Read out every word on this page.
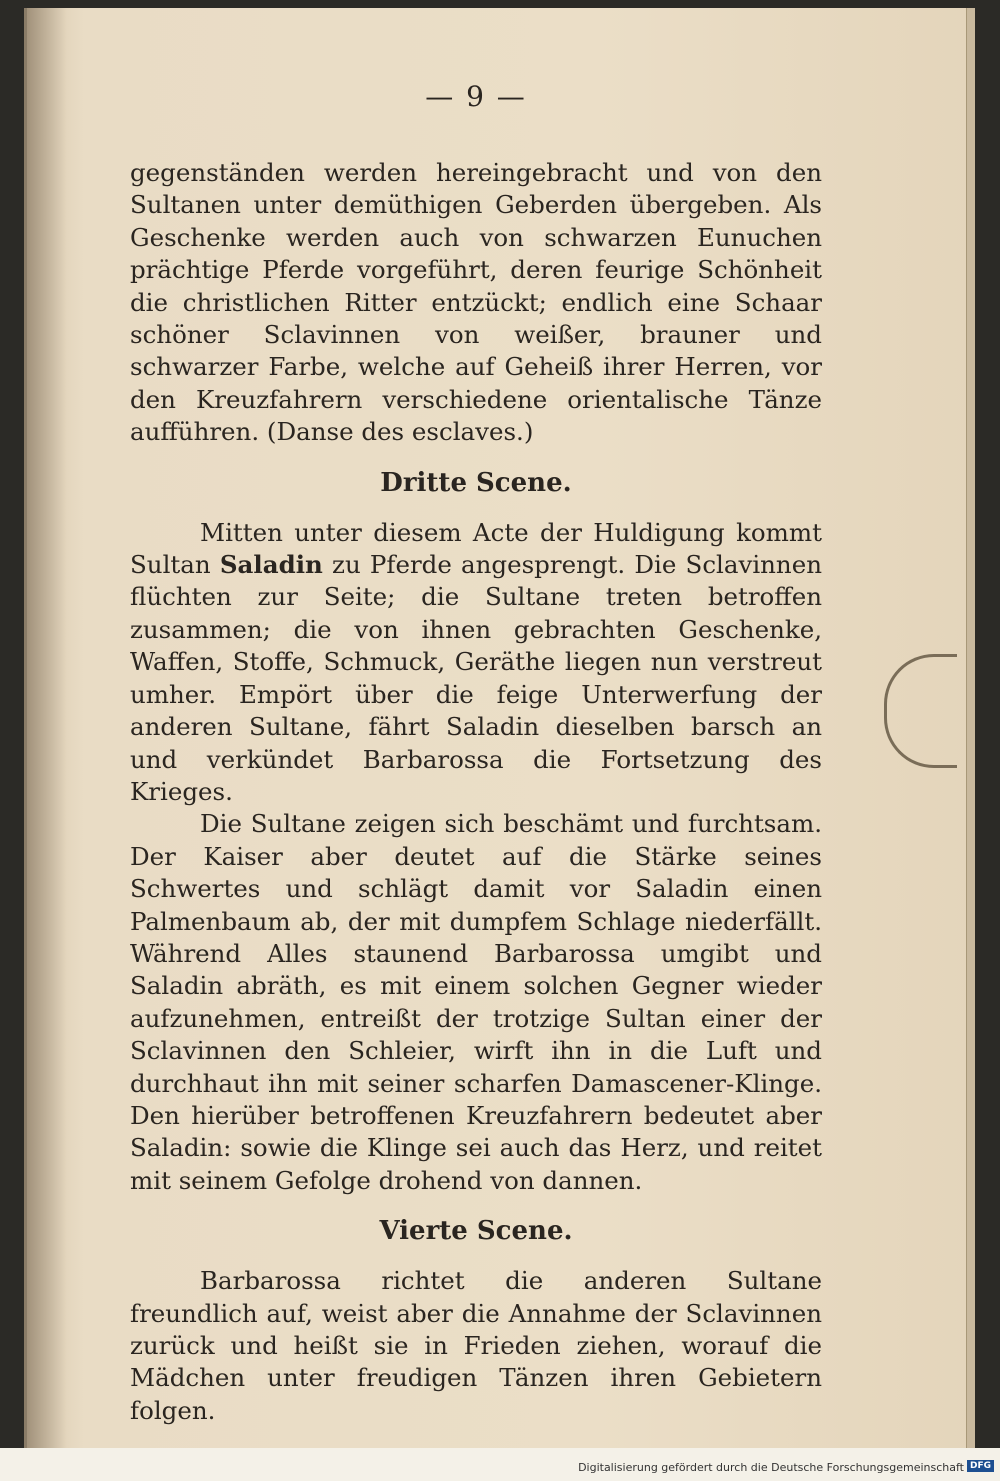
— 9 —

gegenständen werden hereingebracht und von den Sultanen unter demüthigen Geberden übergeben. Als Geschenke werden auch von schwarzen Eunuchen prächtige Pferde vorgeführt, deren feurige Schönheit die christlichen Ritter entzückt; endlich eine Schaar schöner Sclavinnen von weißer, brauner und schwarzer Farbe, welche auf Geheiß ihrer Herren, vor den Kreuzfahrern verschiedene orientalische Tänze aufführen. (Danse des esclaves.)

Dritte Scene.

Mitten unter diesem Acte der Huldigung kommt Sultan Saladin zu Pferde angesprengt. Die Sclavinnen flüchten zur Seite; die Sultane treten betroffen zusammen; die von ihnen gebrachten Geschenke, Waffen, Stoffe, Schmuck, Geräthe liegen nun verstreut umher. Empört über die feige Unterwerfung der anderen Sultane, fährt Saladin dieselben barsch an und verkündet Barbarossa die Fortsetzung des Krieges.

Die Sultane zeigen sich beschämt und furchtsam. Der Kaiser aber deutet auf die Stärke seines Schwertes und schlägt damit vor Saladin einen Palmenbaum ab, der mit dumpfem Schlage niederfällt. Während Alles staunend Barbarossa umgibt und Saladin abräth, es mit einem solchen Gegner wieder aufzunehmen, entreißt der trotzige Sultan einer der Sclavinnen den Schleier, wirft ihn in die Luft und durchhaut ihn mit seiner scharfen Damascener-Klinge. Den hierüber betroffenen Kreuzfahrern bedeutet aber Saladin: sowie die Klinge sei auch das Herz, und reitet mit seinem Gefolge drohend von dannen.

Vierte Scene.

Barbarossa richtet die anderen Sultane freundlich auf, weist aber die Annahme der Sclavinnen zurück und heißt sie in Frieden ziehen, worauf die Mädchen unter freudigen Tänzen ihren Gebietern folgen.

Digitalisierung gefördert durch die Deutsche Forschungsgemeinschaft DFG
